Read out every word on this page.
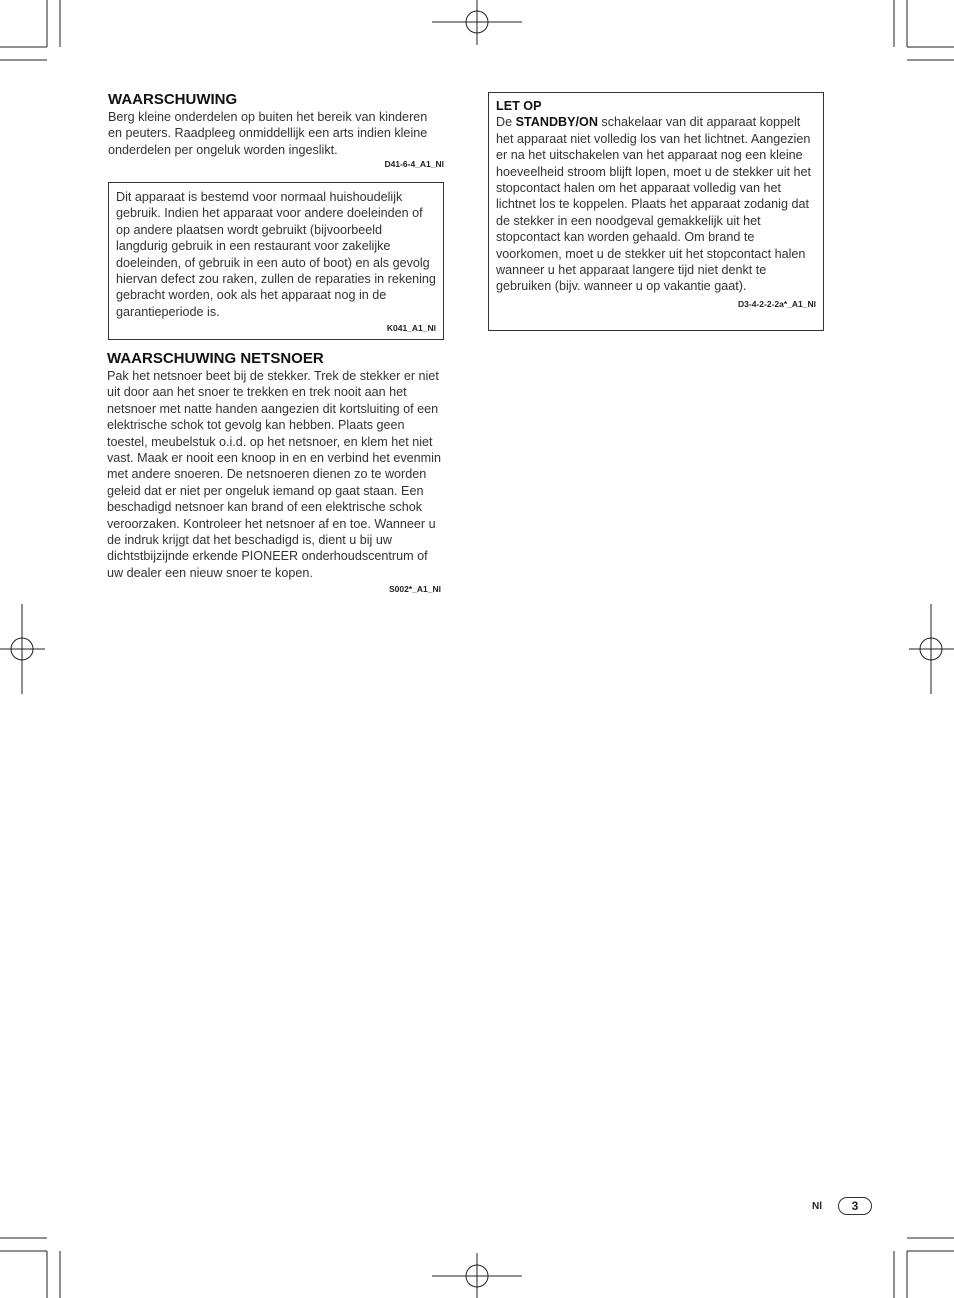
WAARSCHUWING

Berg kleine onderdelen op buiten het bereik van kinderen en peuters. Raadpleeg onmiddellijk een arts indien kleine onderdelen per ongeluk worden ingeslikt.

D41-6-4_A1_Nl

Dit apparaat is bestemd voor normaal huishoudelijk gebruik. Indien het apparaat voor andere doeleinden of op andere plaatsen wordt gebruikt (bijvoorbeeld langdurig gebruik in een restaurant voor zakelijke doeleinden, of gebruik in een auto of boot) en als gevolg hiervan defect zou raken, zullen de reparaties in rekening gebracht worden, ook als het apparaat nog in de garantieperiode is.

K041_A1_Nl
WAARSCHUWING NETSNOER

Pak het netsnoer beet bij de stekker. Trek de stekker er niet uit door aan het snoer te trekken en trek nooit aan het netsnoer met natte handen aangezien dit kortsluiting of een elektrische schok tot gevolg kan hebben. Plaats geen toestel, meubelstuk o.i.d. op het netsnoer, en klem het niet vast. Maak er nooit een knoop in en en verbind het evenmin met andere snoeren. De netsnoeren dienen zo te worden geleid dat er niet per ongeluk iemand op gaat staan. Een beschadigd netsnoer kan brand of een elektrische schok veroorzaken. Kontroleer het netsnoer af en toe. Wanneer u de indruk krijgt dat het beschadigd is, dient u bij uw dichtstbijzijnde erkende PIONEER onderhoudscentrum of uw dealer een nieuw snoer te kopen.

S002*_A1_Nl
LET OP

De STANDBY/ON schakelaar van dit apparaat koppelt het apparaat niet volledig los van het lichtnet. Aangezien er na het uitschakelen van het apparaat nog een kleine hoeveelheid stroom blijft lopen, moet u de stekker uit het stopcontact halen om het apparaat volledig van het lichtnet los te koppelen. Plaats het apparaat zodanig dat de stekker in een noodgeval gemakkelijk uit het stopcontact kan worden gehaald. Om brand te voorkomen, moet u de stekker uit het stopcontact halen wanneer u het apparaat langere tijd niet denkt te gebruiken (bijv. wanneer u op vakantie gaat).

D3-4-2-2-2a*_A1_Nl
Nl	3
